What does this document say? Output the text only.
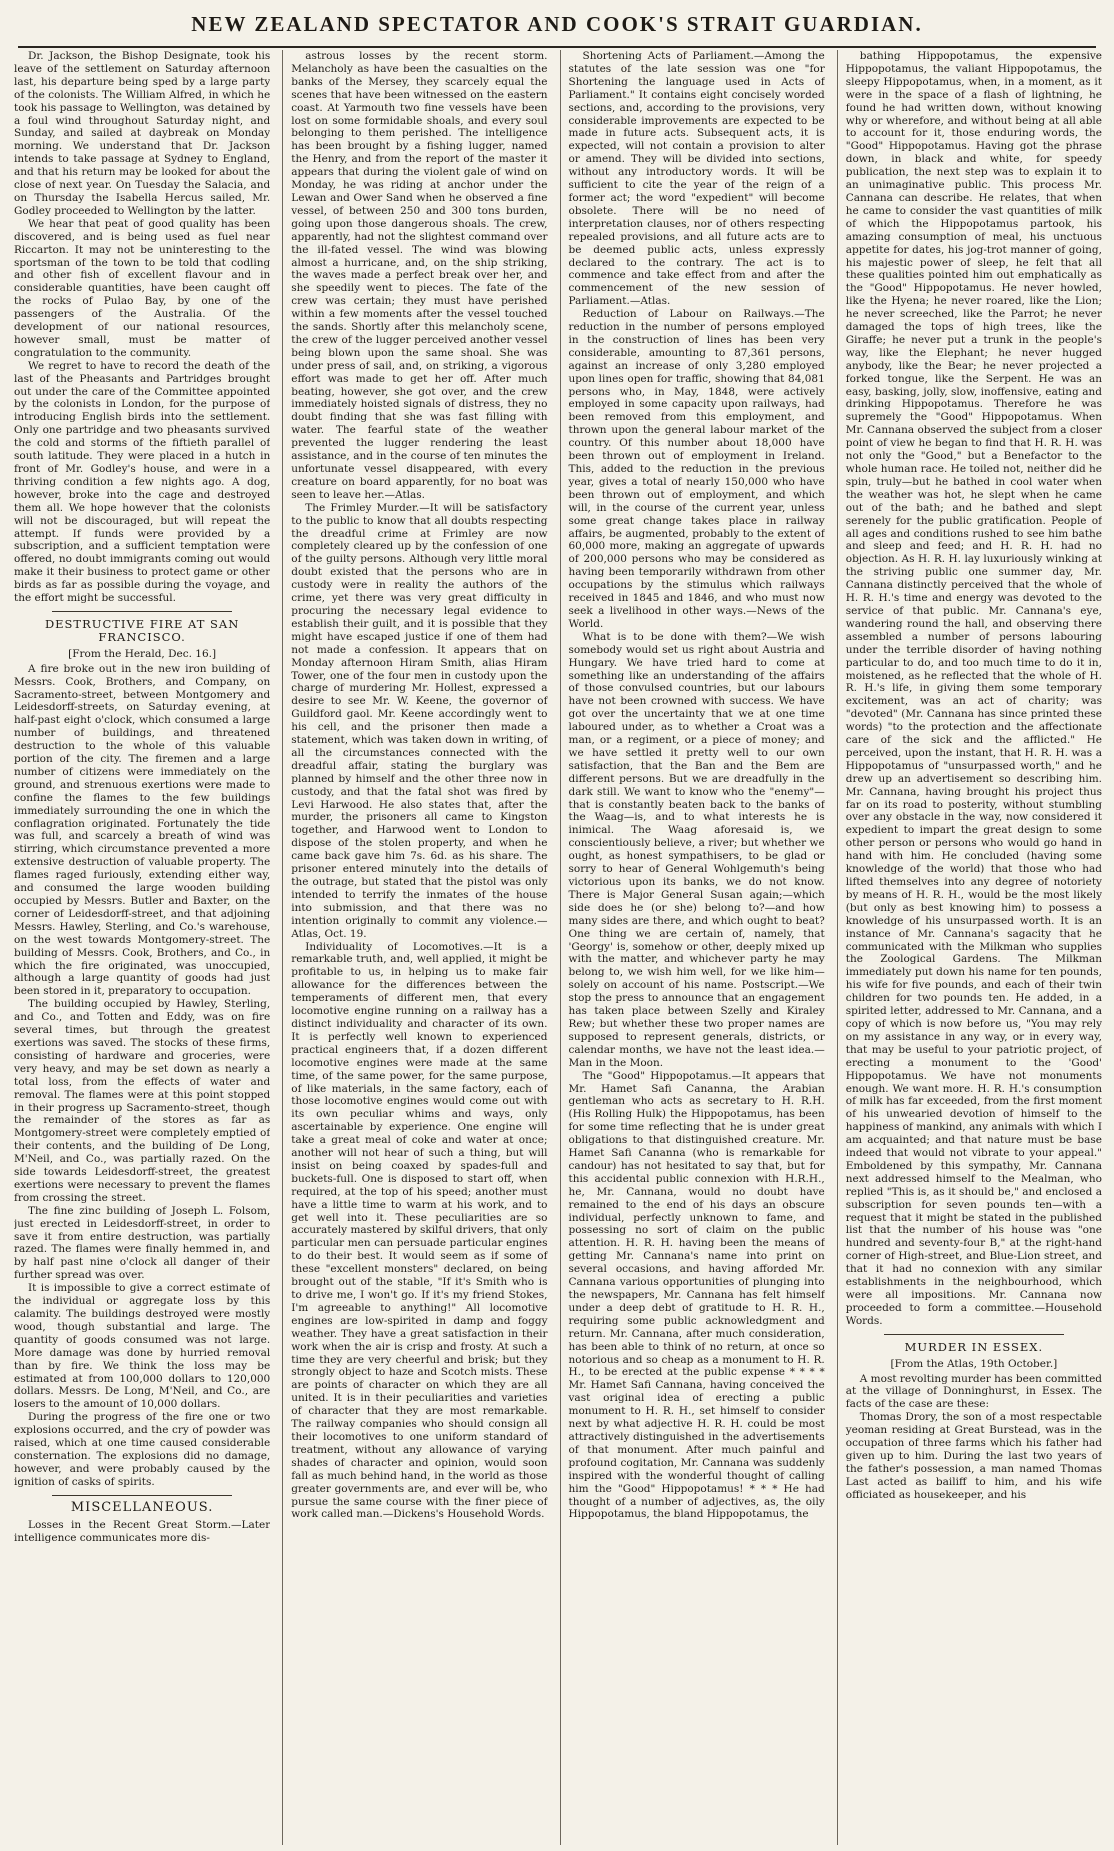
NEW ZEALAND SPECTATOR AND COOK'S STRAIT GUARDIAN.

Dr. Jackson, the Bishop Designate, took his leave of the settlement on Saturday afternoon last, his departure being sped by a large party of the colonists. The William Alfred, in which he took his passage to Wellington, was detained by a foul wind throughout Saturday night, and Sunday, and sailed at daybreak on Monday morning. We understand that Dr. Jackson intends to take passage at Sydney to England, and that his return may be looked for about the close of next year. On Tuesday the Salacia, and on Thursday the Isabella Hercus sailed, Mr. Godley proceeded to Wellington by the latter.

We hear that peat of good quality has been discovered, and is being used as fuel near Riccarton. It may not be uninteresting to the sportsman of the town to be told that codling and other fish of excellent flavour and in considerable quantities, have been caught off the rocks of Pulao Bay, by one of the passengers of the Australia. Of the development of our national resources, however small, must be matter of congratulation to the community.

We regret to have to record the death of the last of the Pheasants and Partridges brought out under the care of the Committee appointed by the colonists in London, for the purpose of introducing English birds into the settlement. Only one partridge and two pheasants survived the cold and storms of the fiftieth parallel of south latitude. They were placed in a hutch in front of Mr. Godley's house, and were in a thriving condition a few nights ago. A dog, however, broke into the cage and destroyed them all. We hope however that the colonists will not be discouraged, but will repeat the attempt. If funds were provided by a subscription, and a sufficient temptation were offered, no doubt immigrants coming out would make it their business to protect game or other birds as far as possible during the voyage, and the effort might be successful.

DESTRUCTIVE FIRE AT SAN FRANCISCO.

[From the Herald, Dec. 16.]

A fire broke out in the new iron building of Messrs. Cook, Brothers, and Company, on Sacramento-street, between Montgomery and Leidesdorff-streets, on Saturday evening, at half-past eight o'clock, which consumed a large number of buildings, and threatened destruction to the whole of this valuable portion of the city. The firemen and a large number of citizens were immediately on the ground, and strenuous exertions were made to confine the flames to the few buildings immediately surrounding the one in which the conflagration originated. Fortunately the tide was full, and scarcely a breath of wind was stirring, which circumstance prevented a more extensive destruction of valuable property. The flames raged furiously, extending either way, and consumed the large wooden building occupied by Messrs. Butler and Baxter, on the corner of Leidesdorff-street, and that adjoining Messrs. Hawley, Sterling, and Co.'s warehouse, on the west towards Montgomery-street. The building of Messrs. Cook, Brothers, and Co., in which the fire originated, was unoccupied, although a large quantity of goods had just been stored in it, preparatory to occupation.

The building occupied by Hawley, Sterling, and Co., and Totten and Eddy, was on fire several times, but through the greatest exertions was saved. The stocks of these firms, consisting of hardware and groceries, were very heavy, and may be set down as nearly a total loss, from the effects of water and removal. The flames were at this point stopped in their progress up Sacramento-street, though the remainder of the stores as far as Montgomery-street were completely emptied of their contents, and the building of De Long, M'Neil, and Co., was partially razed. On the side towards Leidesdorff-street, the greatest exertions were necessary to prevent the flames from crossing the street.

The fine zinc building of Joseph L. Folsom, just erected in Leidesdorff-street, in order to save it from entire destruction, was partially razed. The flames were finally hemmed in, and by half past nine o'clock all danger of their further spread was over.

It is impossible to give a correct estimate of the individual or aggregate loss by this calamity. The buildings destroyed were mostly wood, though substantial and large. The quantity of goods consumed was not large. More damage was done by hurried removal than by fire. We think the loss may be estimated at from 100,000 dollars to 120,000 dollars. Messrs. De Long, M'Neil, and Co., are losers to the amount of 10,000 dollars.

During the progress of the fire one or two explosions occurred, and the cry of powder was raised, which at one time caused considerable consternation. The explosions did no damage, however, and were probably caused by the ignition of casks of spirits.

MISCELLANEOUS.

Losses in the Recent Great Storm.—Later intelligence communicates more dis-

astrous losses by the recent storm. Melancholy as have been the casualties on the banks of the Mersey, they scarcely equal the scenes that have been witnessed on the eastern coast. At Yarmouth two fine vessels have been lost on some formidable shoals, and every soul belonging to them perished. The intelligence has been brought by a fishing lugger, named the Henry, and from the report of the master it appears that during the violent gale of wind on Monday, he was riding at anchor under the Lewan and Ower Sand when he observed a fine vessel, of between 250 and 300 tons burden, going upon those dangerous shoals. The crew, apparently, had not the slightest command over the ill-fated vessel. The wind was blowing almost a hurricane, and, on the ship striking, the waves made a perfect break over her, and she speedily went to pieces. The fate of the crew was certain; they must have perished within a few moments after the vessel touched the sands. Shortly after this melancholy scene, the crew of the lugger perceived another vessel being blown upon the same shoal. She was under press of sail, and, on striking, a vigorous effort was made to get her off. After much beating, however, she got over, and the crew immediately hoisted signals of distress, they no doubt finding that she was fast filling with water. The fearful state of the weather prevented the lugger rendering the least assistance, and in the course of ten minutes the unfortunate vessel disappeared, with every creature on board apparently, for no boat was seen to leave her.—Atlas.

The Frimley Murder.—It will be satisfactory to the public to know that all doubts respecting the dreadful crime at Frimley are now completely cleared up by the confession of one of the guilty persons. Although very little moral doubt existed that the persons who are in custody were in reality the authors of the crime, yet there was very great difficulty in procuring the necessary legal evidence to establish their guilt, and it is possible that they might have escaped justice if one of them had not made a confession. It appears that on Monday afternoon Hiram Smith, alias Hiram Tower, one of the four men in custody upon the charge of murdering Mr. Hollest, expressed a desire to see Mr. W. Keene, the governor of Guildford gaol. Mr. Keene accordingly went to his cell, and the prisoner then made a statement, which was taken down in writing, of all the circumstances connected with the dreadful affair, stating the burglary was planned by himself and the other three now in custody, and that the fatal shot was fired by Levi Harwood. He also states that, after the murder, the prisoners all came to Kingston together, and Harwood went to London to dispose of the stolen property, and when he came back gave him 7s. 6d. as his share. The prisoner entered minutely into the details of the outrage, but stated that the pistol was only intended to terrify the inmates of the house into submission, and that there was no intention originally to commit any violence.—Atlas, Oct. 19.

Individuality of Locomotives.—It is a remarkable truth, and, well applied, it might be profitable to us, in helping us to make fair allowance for the differences between the temperaments of different men, that every locomotive engine running on a railway has a distinct individuality and character of its own. It is perfectly well known to experienced practical engineers that, if a dozen different locomotive engines were made at the same time, of the same power, for the same purpose, of like materials, in the same factory, each of those locomotive engines would come out with its own peculiar whims and ways, only ascertainable by experience. One engine will take a great meal of coke and water at once; another will not hear of such a thing, but will insist on being coaxed by spades-full and buckets-full. One is disposed to start off, when required, at the top of his speed; another must have a little time to warm at his work, and to get well into it. These peculiarities are so accurately mastered by skilful drivers, that only particular men can persuade particular engines to do their best. It would seem as if some of these "excellent monsters" declared, on being brought out of the stable, "If it's Smith who is to drive me, I won't go. If it's my friend Stokes, I'm agreeable to anything!" All locomotive engines are low-spirited in damp and foggy weather. They have a great satisfaction in their work when the air is crisp and frosty. At such a time they are very cheerful and brisk; but they strongly object to haze and Scotch mists. These are points of character on which they are all united. It is in their peculiarities and varieties of character that they are most remarkable. The railway companies who should consign all their locomotives to one uniform standard of treatment, without any allowance of varying shades of character and opinion, would soon fall as much behind hand, in the world as those greater governments are, and ever will be, who pursue the same course with the finer piece of work called man.—Dickens's Household Words.

Shortening Acts of Parliament.—Among the statutes of the late session was one "for Shortening the language used in Acts of Parliament." It contains eight concisely worded sections, and, according to the provisions, very considerable improvements are expected to be made in future acts. Subsequent acts, it is expected, will not contain a provision to alter or amend. They will be divided into sections, without any introductory words. It will be sufficient to cite the year of the reign of a former act; the word "expedient" will become obsolete. There will be no need of interpretation clauses, nor of others respecting repealed provisions, and all future acts are to be deemed public acts, unless expressly declared to the contrary. The act is to commence and take effect from and after the commencement of the new session of Parliament.—Atlas.

Reduction of Labour on Railways.—The reduction in the number of persons employed in the construction of lines has been very considerable, amounting to 87,361 persons, against an increase of only 3,280 employed upon lines open for traffic, showing that 84,081 persons who, in May, 1848, were actively employed in some capacity upon railways, had been removed from this employment, and thrown upon the general labour market of the country. Of this number about 18,000 have been thrown out of employment in Ireland. This, added to the reduction in the previous year, gives a total of nearly 150,000 who have been thrown out of employment, and which will, in the course of the current year, unless some great change takes place in railway affairs, be augmented, probably to the extent of 60,000 more, making an aggregate of upwards of 200,000 persons who may be considered as having been temporarily withdrawn from other occupations by the stimulus which railways received in 1845 and 1846, and who must now seek a livelihood in other ways.—News of the World.

What is to be done with them?—We wish somebody would set us right about Austria and Hungary. We have tried hard to come at something like an understanding of the affairs of those convulsed countries, but our labours have not been crowned with success. We have got over the uncertainty that we at one time laboured under, as to whether a Croat was a man, or a regiment, or a piece of money; and we have settled it pretty well to our own satisfaction, that the Ban and the Bem are different persons. But we are dreadfully in the dark still. We want to know who the "enemy"—that is constantly beaten back to the banks of the Waag—is, and to what interests he is inimical. The Waag aforesaid is, we conscientiously believe, a river; but whether we ought, as honest sympathisers, to be glad or sorry to hear of General Wohlgemuth's being victorious upon its banks, we do not know. There is Major General Susan again;—which side does he (or she) belong to?—and how many sides are there, and which ought to beat? One thing we are certain of, namely, that 'Georgy' is, somehow or other, deeply mixed up with the matter, and whichever party he may belong to, we wish him well, for we like him—solely on account of his name. Postscript.—We stop the press to announce that an engagement has taken place between Szelly and Kiraley Rew; but whether these two proper names are supposed to represent generals, districts, or calendar months, we have not the least idea.—Man in the Moon.

The "Good" Hippopotamus.—It appears that Mr. Hamet Safi Cananna, the Arabian gentleman who acts as secretary to H. R.H. (His Rolling Hulk) the Hippopotamus, has been for some time reflecting that he is under great obligations to that distinguished creature. Mr. Hamet Safi Cananna (who is remarkable for candour) has not hesitated to say that, but for this accidental public connexion with H.R.H., he, Mr. Cannana, would no doubt have remained to the end of his days an obscure individual, perfectly unknown to fame, and possessing no sort of claim on the public attention. H. R. H. having been the means of getting Mr. Cannana's name into print on several occasions, and having afforded Mr. Cannana various opportunities of plunging into the newspapers, Mr. Cannana has felt himself under a deep debt of gratitude to H. R. H., requiring some public acknowledgment and return. Mr. Cannana, after much consideration, has been able to think of no return, at once so notorious and so cheap as a monument to H. R. H., to be erected at the public expense * * * * Mr. Hamet Safi Cannana, having conceived the vast original idea of erecting a public monument to H. R. H., set himself to consider next by what adjective H. R. H. could be most attractively distinguished in the advertisements of that monument. After much painful and profound cogitation, Mr. Cannana was suddenly inspired with the wonderful thought of calling him the "Good" Hippopotamus! * * * He had thought of a number of adjectives, as, the oily Hippopotamus, the bland Hippopotamus, the

bathing Hippopotamus, the expensive Hippopotamus, the valiant Hippopotamus, the sleepy Hippopotamus, when, in a moment, as it were in the space of a flash of lightning, he found he had written down, without knowing why or wherefore, and without being at all able to account for it, those enduring words, the "Good" Hippopotamus. Having got the phrase down, in black and white, for speedy publication, the next step was to explain it to an unimaginative public. This process Mr. Cannana can describe. He relates, that when he came to consider the vast quantities of milk of which the Hippopotamus partook, his amazing consumption of meal, his unctuous appetite for dates, his jog-trot manner of going, his majestic power of sleep, he felt that all these qualities pointed him out emphatically as the "Good" Hippopotamus. He never howled, like the Hyena; he never roared, like the Lion; he never screeched, like the Parrot; he never damaged the tops of high trees, like the Giraffe; he never put a trunk in the people's way, like the Elephant; he never hugged anybody, like the Bear; he never projected a forked tongue, like the Serpent. He was an easy, basking, jolly, slow, inoffensive, eating and drinking Hippopotamus. Therefore he was supremely the "Good" Hippopotamus. When Mr. Cannana observed the subject from a closer point of view he began to find that H. R. H. was not only the "Good," but a Benefactor to the whole human race. He toiled not, neither did he spin, truly—but he bathed in cool water when the weather was hot, he slept when he came out of the bath; and he bathed and slept serenely for the public gratification. People of all ages and conditions rushed to see him bathe and sleep and feed; and H. R. H. had no objection. As H. R. H. lay luxuriously winking at the striving public one summer day, Mr. Cannana distinctly perceived that the whole of H. R. H.'s time and energy was devoted to the service of that public. Mr. Cannana's eye, wandering round the hall, and observing there assembled a number of persons labouring under the terrible disorder of having nothing particular to do, and too much time to do it in, moistened, as he reflected that the whole of H. R. H.'s life, in giving them some temporary excitement, was an act of charity; was "devoted" (Mr. Cannana has since printed these words) "to the protection and the affectionate care of the sick and the afflicted." He perceived, upon the instant, that H. R. H. was a Hippopotamus of "unsurpassed worth," and he drew up an advertisement so describing him. Mr. Cannana, having brought his project thus far on its road to posterity, without stumbling over any obstacle in the way, now considered it expedient to impart the great design to some other person or persons who would go hand in hand with him. He concluded (having some knowledge of the world) that those who had lifted themselves into any degree of notoriety by means of H. R. H., would be the most likely (but only as best knowing him) to possess a knowledge of his unsurpassed worth. It is an instance of Mr. Cannana's sagacity that he communicated with the Milkman who supplies the Zoological Gardens. The Milkman immediately put down his name for ten pounds, his wife for five pounds, and each of their twin children for two pounds ten. He added, in a spirited letter, addressed to Mr. Cannana, and a copy of which is now before us, "You may rely on my assistance in any way, or in every way, that may be useful to your patriotic project, of erecting a monument to the 'Good' Hippopotamus. We have not monuments enough. We want more. H. R. H.'s consumption of milk has far exceeded, from the first moment of his unwearied devotion of himself to the happiness of mankind, any animals with which I am acquainted; and that nature must be base indeed that would not vibrate to your appeal." Emboldened by this sympathy, Mr. Cannana next addressed himself to the Mealman, who replied "This is, as it should be," and enclosed a subscription for seven pounds ten—with a request that it might be stated in the published list that the number of his house was "one hundred and seventy-four B," at the right-hand corner of High-street, and Blue-Lion street, and that it had no connexion with any similar establishments in the neighbourhood, which were all impositions. Mr. Cannana now proceeded to form a committee.—Household Words.

MURDER IN ESSEX.

[From the Atlas, 19th October.]

A most revolting murder has been committed at the village of Donninghurst, in Essex. The facts of the case are these:

Thomas Drory, the son of a most respectable yeoman residing at Great Burstead, was in the occupation of three farms which his father had given up to him. During the last two years of the father's possession, a man named Thomas Last acted as bailiff to him, and his wife officiated as housekeeper, and his
